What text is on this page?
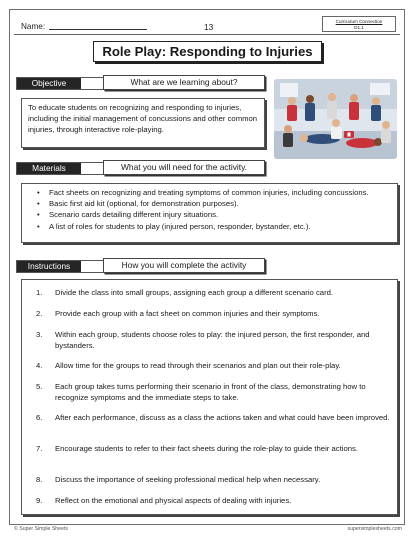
Name:	13
Curriculum Connection
D1.1
Role Play: Responding to Injuries
Objective	What are we learning about?
To educate students on recognizing and responding to injuries, including the initial management of concussions and other common injuries, through interactive role-playing.
Materials	What you will need for the activity.
• Fact sheets on recognizing and treating symptoms of common injuries, including concussions.
• Basic first aid kit (optional, for demonstration purposes).
• Scenario cards detailing different injury situations.
• A list of roles for students to play (injured person, responder, bystander, etc.).
Instructions	How you will complete the activity
1. Divide the class into small groups, assigning each group a different scenario card.
2. Provide each group with a fact sheet on common injuries and their symptoms.
3. Within each group, students choose roles to play: the injured person, the first responder, and bystanders.
4. Allow time for the groups to read through their scenarios and plan out their role-play.
5. Each group takes turns performing their scenario in front of the class, demonstrating how to recognize symptoms and the immediate steps to take.
6. After each performance, discuss as a class the actions taken and what could have been improved.
7. Encourage students to refer to their fact sheets during the role-play to guide their actions.
8. Discuss the importance of seeking professional medical help when necessary.
9. Reflect on the emotional and physical aspects of dealing with injuries.
© Super Simple Sheets	supersimplesheets.com
